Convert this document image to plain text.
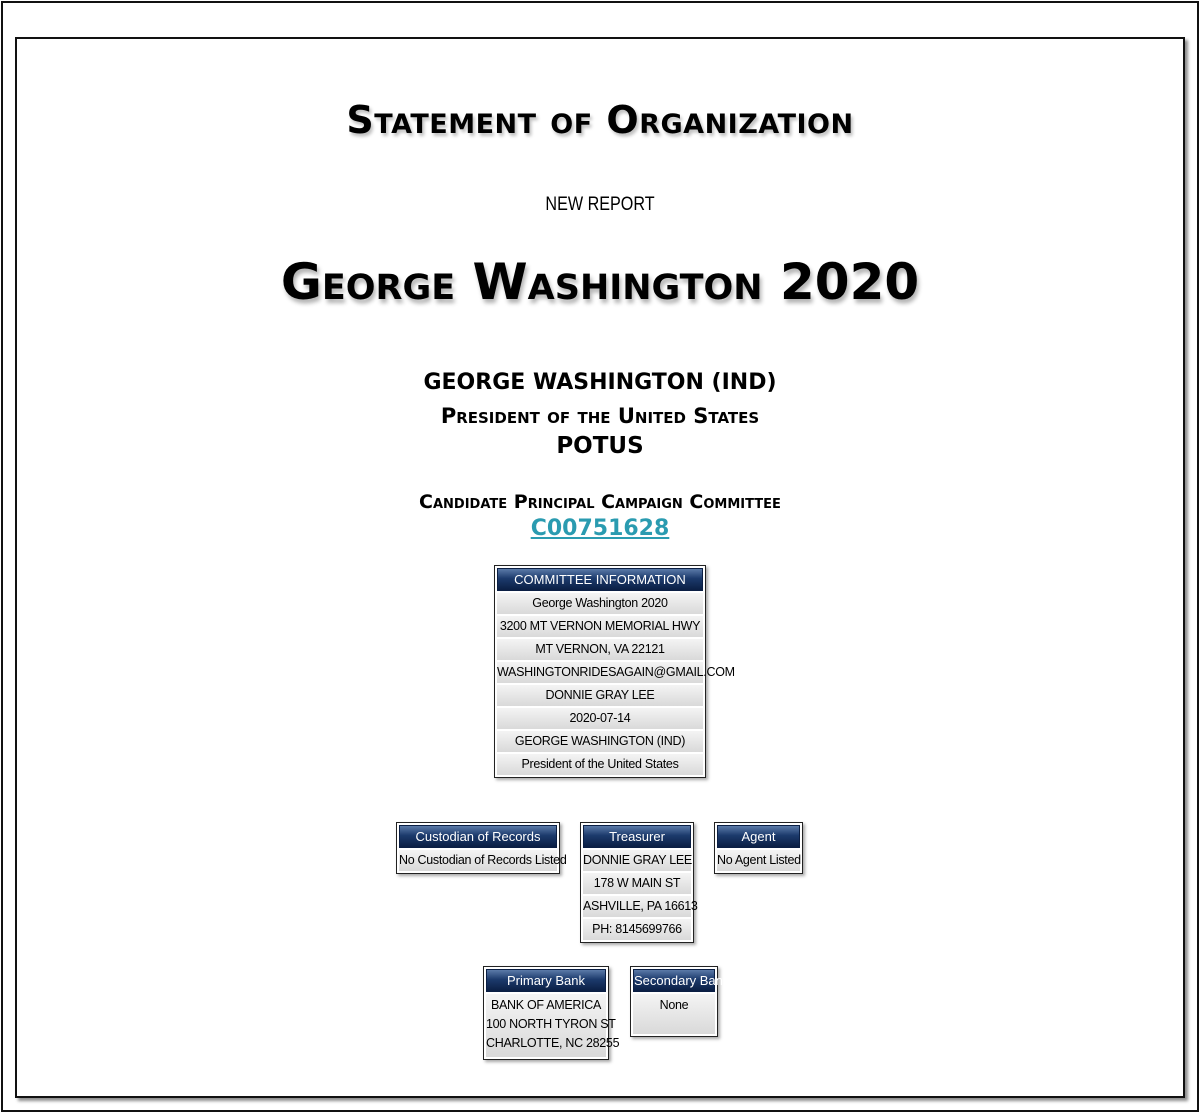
Statement of Organization
NEW REPORT
George Washington 2020
GEORGE WASHINGTON (IND)
President of the United States
POTUS
Candidate Principal Campaign Committee
C00751628
COMMITTEE INFORMATION
George Washington 2020
3200 MT VERNON MEMORIAL HWY
MT VERNON, VA 22121
WASHINGTONRIDESAGAIN@GMAIL.COM
DONNIE GRAY LEE
2020-07-14
GEORGE WASHINGTON (IND)
President of the United States
Custodian of Records
No Custodian of Records Listed
Treasurer
DONNIE GRAY LEE
178 W MAIN ST
ASHVILLE, PA 16613
PH: 8145699766
Agent
No Agent Listed
Primary Bank
BANK OF AMERICA
100 NORTH TYRON ST
CHARLOTTE, NC 28255
Secondary Bank
None
